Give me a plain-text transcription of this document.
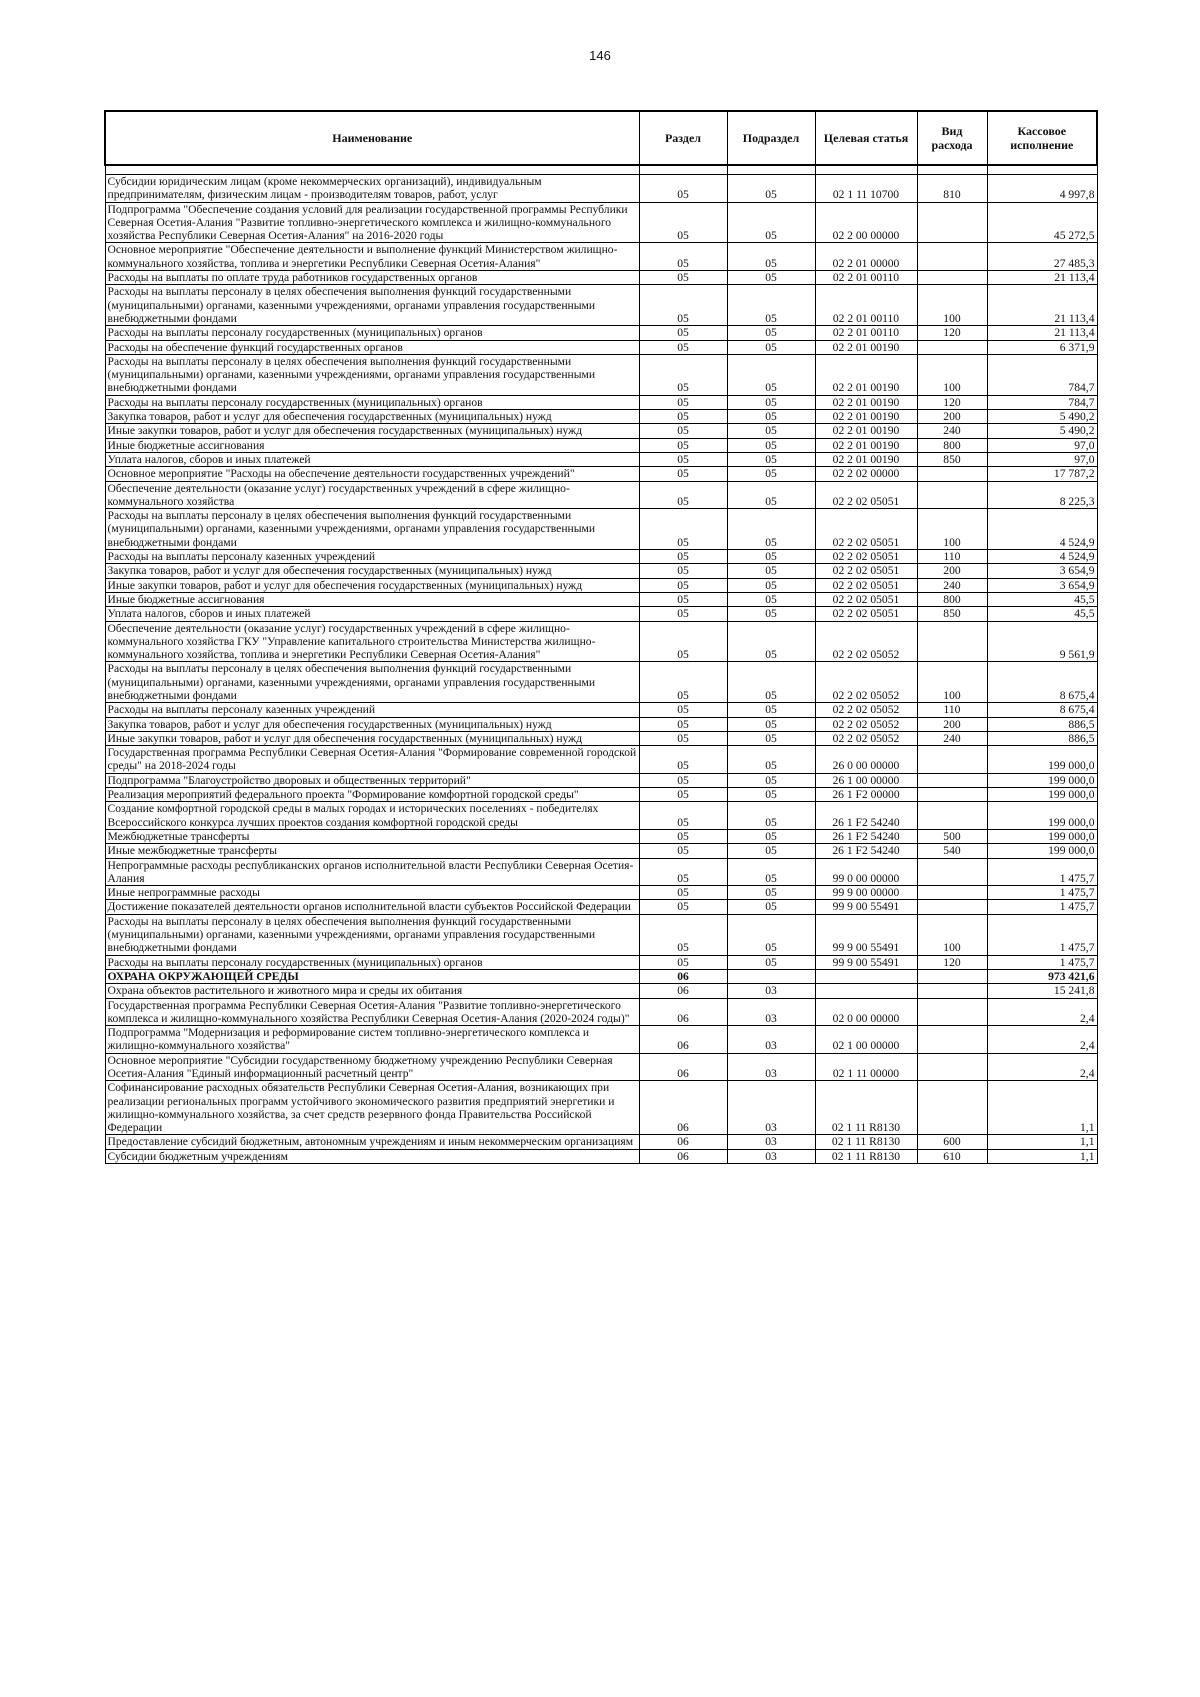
146
Наименование	Раздел	Подраздел	Целевая статья	Вид расхода	Кассовое исполнение

Субсидии юридическим лицам (кроме некоммерческих организаций), индивидуальным предпринимателям, физическим лицам - производителям товаров, работ, услуг	05	05	02 1 11 10700	810	4 997,8
Подпрограмма "Обеспечение создания условий для реализации государственной программы Республики Северная Осетия-Алания "Развитие топливно-энергетического комплекса и жилищно-коммунального хозяйства Республики Северная Осетия-Алания" на 2016-2020 годы	05	05	02 2 00 00000		45 272,5
Основное мероприятие "Обеспечение деятельности и выполнение функций Министерством жилищно-коммунального хозяйства, топлива и энергетики Республики Северная Осетия-Алания"	05	05	02 2 01 00000		27 485,3
Расходы на выплаты по оплате труда работников государственных органов	05	05	02 2 01 00110		21 113,4
Расходы на выплаты персоналу в целях обеспечения выполнения функций государственными (муниципальными) органами, казенными учреждениями, органами управления государственными внебюджетными фондами	05	05	02 2 01 00110	100	21 113,4
Расходы на выплаты персоналу государственных (муниципальных) органов	05	05	02 2 01 00110	120	21 113,4
Расходы на обеспечение функций государственных органов	05	05	02 2 01 00190		6 371,9
Расходы на выплаты персоналу в целях обеспечения выполнения функций государственными (муниципальными) органами, казенными учреждениями, органами управления государственными внебюджетными фондами	05	05	02 2 01 00190	100	784,7
Расходы на выплаты персоналу государственных (муниципальных) органов	05	05	02 2 01 00190	120	784,7
Закупка товаров, работ и услуг для обеспечения государственных (муниципальных) нужд	05	05	02 2 01 00190	200	5 490,2
Иные закупки товаров, работ и услуг для обеспечения государственных (муниципальных) нужд	05	05	02 2 01 00190	240	5 490,2
Иные бюджетные ассигнования	05	05	02 2 01 00190	800	97,0
Уплата налогов, сборов и иных платежей	05	05	02 2 01 00190	850	97,0
Основное мероприятие "Расходы на обеспечение деятельности государственных учреждений"	05	05	02 2 02 00000		17 787,2
Обеспечение деятельности (оказание услуг) государственных учреждений в сфере жилищно-коммунального хозяйства	05	05	02 2 02 05051		8 225,3
Расходы на выплаты персоналу в целях обеспечения выполнения функций государственными (муниципальными) органами, казенными учреждениями, органами управления государственными внебюджетными фондами	05	05	02 2 02 05051	100	4 524,9
Расходы на выплаты персоналу казенных учреждений	05	05	02 2 02 05051	110	4 524,9
Закупка товаров, работ и услуг для обеспечения государственных (муниципальных) нужд	05	05	02 2 02 05051	200	3 654,9
Иные закупки товаров, работ и услуг для обеспечения государственных (муниципальных) нужд	05	05	02 2 02 05051	240	3 654,9
Иные бюджетные ассигнования	05	05	02 2 02 05051	800	45,5
Уплата налогов, сборов и иных платежей	05	05	02 2 02 05051	850	45,5
Обеспечение деятельности (оказание услуг) государственных учреждений в сфере жилищно-коммунального хозяйства ГКУ "Управление капитального строительства Министерства жилищно-коммунального хозяйства, топлива и энергетики Республики Северная Осетия-Алания"	05	05	02 2 02 05052		9 561,9
Расходы на выплаты персоналу в целях обеспечения выполнения функций государственными (муниципальными) органами, казенными учреждениями, органами управления государственными внебюджетными фондами	05	05	02 2 02 05052	100	8 675,4
Расходы на выплаты персоналу казенных учреждений	05	05	02 2 02 05052	110	8 675,4
Закупка товаров, работ и услуг для обеспечения государственных (муниципальных) нужд	05	05	02 2 02 05052	200	886,5
Иные закупки товаров, работ и услуг для обеспечения государственных (муниципальных) нужд	05	05	02 2 02 05052	240	886,5
Государственная программа Республики Северная Осетия-Алания "Формирование современной городской среды" на 2018-2024 годы	05	05	26 0 00 00000		199 000,0
Подпрограмма "Благоустройство дворовых и общественных территорий"	05	05	26 1 00 00000		199 000,0
Реализация мероприятий федерального проекта "Формирование комфортной городской среды"	05	05	26 1 F2 00000		199 000,0
Создание комфортной городской среды в малых городах и исторических поселениях - победителях Всероссийского конкурса лучших проектов создания комфортной городской среды	05	05	26 1 F2 54240		199 000,0
Межбюджетные трансферты	05	05	26 1 F2 54240	500	199 000,0
Иные межбюджетные трансферты	05	05	26 1 F2 54240	540	199 000,0
Непрограммные расходы республиканских органов исполнительной власти Республики Северная Осетия-Алания	05	05	99 0 00 00000		1 475,7
Иные непрограммные расходы	05	05	99 9 00 00000		1 475,7
Достижение показателей деятельности органов исполнительной власти субъектов Российской Федерации	05	05	99 9 00 55491		1 475,7
Расходы на выплаты персоналу в целях обеспечения выполнения функций государственными (муниципальными) органами, казенными учреждениями, органами управления государственными внебюджетными фондами	05	05	99 9 00 55491	100	1 475,7
Расходы на выплаты персоналу государственных (муниципальных) органов	05	05	99 9 00 55491	120	1 475,7
ОХРАНА ОКРУЖАЮЩЕЙ СРЕДЫ	06				973 421,6
Охрана объектов растительного и животного мира и среды их обитания	06	03			15 241,8
Государственная программа Республики Северная Осетия-Алания "Развитие топливно-энергетического комплекса и жилищно-коммунального хозяйства Республики Северная Осетия-Алания (2020-2024 годы)"	06	03	02 0 00 00000		2,4
Подпрограмма "Модернизация и реформирование систем топливно-энергетического комплекса и жилищно-коммунального хозяйства"	06	03	02 1 00 00000		2,4
Основное мероприятие "Субсидии государственному бюджетному учреждению Республики Северная Осетия-Алания "Единый информационный расчетный центр"	06	03	02 1 11 00000		2,4
Софинансирование расходных обязательств Республики Северная Осетия-Алания, возникающих при реализации региональных программ устойчивого экономического развития предприятий энергетики и жилищно-коммунального хозяйства, за счет средств резервного фонда Правительства Российской Федерации	06	03	02 1 11 R8130		1,1
Предоставление субсидий бюджетным, автономным учреждениям и иным некоммерческим организациям	06	03	02 1 11 R8130	600	1,1
Субсидии бюджетным учреждениям	06	03	02 1 11 R8130	610	1,1
